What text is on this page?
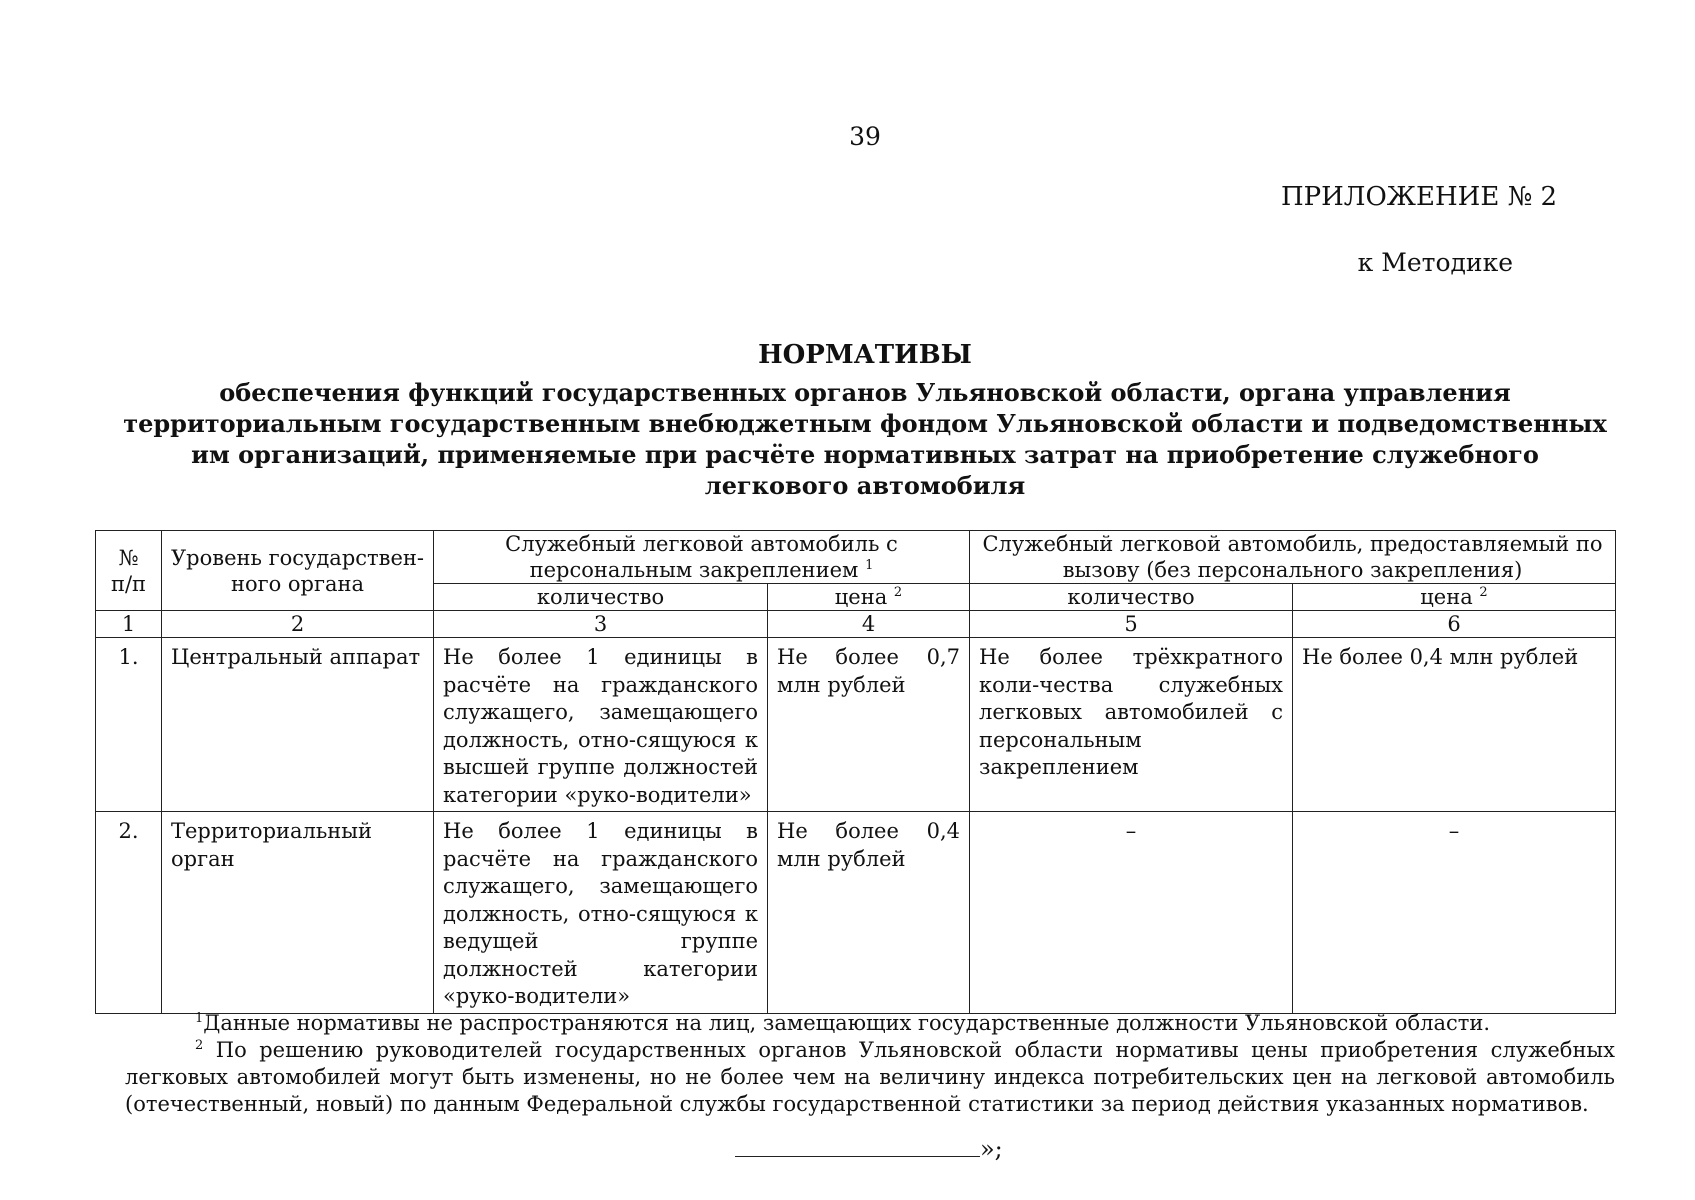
39
ПРИЛОЖЕНИЕ № 2
к Методике
НОРМАТИВЫ
обеспечения функций государственных органов Ульяновской области, органа управления территориальным государственным внебюджетным фондом Ульяновской области и подведомственных им организаций, применяемые при расчёте нормативных затрат на приобретение служебного легкового автомобиля
№ п/п	Уровень государствен-ного органа	Служебный легковой автомобиль с персональным закреплением $^1$		Служебный легковой автомобиль, предоставляемый по вызову (без персонального закрепления)	
		количество	цена $^2$	количество	цена $^2$
1	2	3	4	5	6
1.	Центральный аппарат	Не более 1 единицы в расчёте на гражданского служащего, замещающего должность, отно-сящуюся к высшей группе должностей категории «руко-водители»	Не более 0,7 млн рублей	Не более трёхкратного коли-чества служебных легковых автомобилей с персональным закреплением	Не более 0,4 млн рублей
2.	Территориальный орган	Не более 1 единицы в расчёте на гражданского служащего, замещающего должность, отно-сящуюся к ведущей группе должностей категории «руко-водители»	Не более 0,4 млн рублей	–	–
$^1$Данные нормативы не распространяются на лиц, замещающих государственные должности Ульяновской области.
$^2$ По решению руководителей государственных органов Ульяновской области нормативы цены приобретения служебных легковых автомобилей могут быть изменены, но не более чем на величину индекса потребительских цен на легковой автомобиль (отечественный, новый) по данным Федеральной службы государственной статистики за период действия указанных нормативов.
»;
